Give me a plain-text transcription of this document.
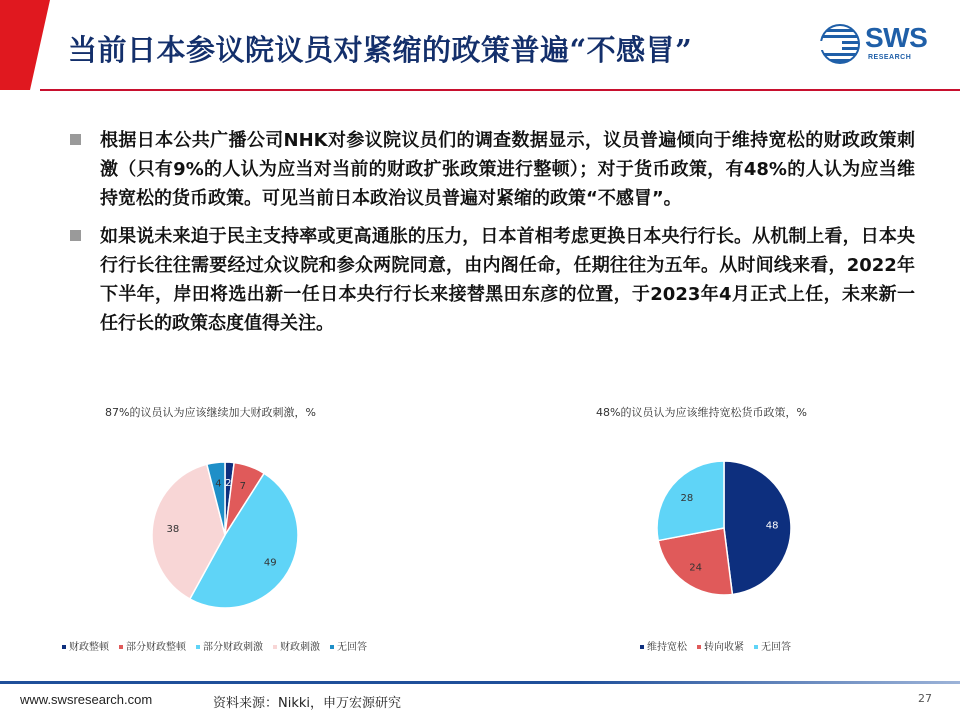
当前日本参议院议员对紧缩的政策普遍“不感冒”	SWS
RESEARCH
根据日本公共广播公司NHK对参议院议员们的调查数据显示，议员普遍倾向于维持宽松的财政政策刺激（只有9%的人认为应当对当前的财政扩张政策进行整顿）；对于货币政策，有48%的人认为应当维持宽松的货币政策。可见当前日本政治议员普遍对紧缩的政策“不感冒”。
如果说未来迫于民主支持率或更高通胀的压力，日本首相考虑更换日本央行行长。从机制上看，日本央行行长往往需要经过众议院和参众两院同意，由内阁任命，任期往往为五年。从时间线来看，2022年下半年，岸田将选出新一任日本央行行长来接替黑田东彦的位置，于2023年4月正式上任，未来新一任行长的政策态度值得关注。
87%的议员认为应该继续加大财政刺激，%
2 7
49
38
4
财政整顿 部分财政整顿 部分财政刺激 财政刺激 无回答
48%的议员认为应该维持宽松货币政策，%
48
24
28
维持宽松 转向收紧 无回答
www.swsresearch.com	资料来源：Nikki，申万宏源研究	27
